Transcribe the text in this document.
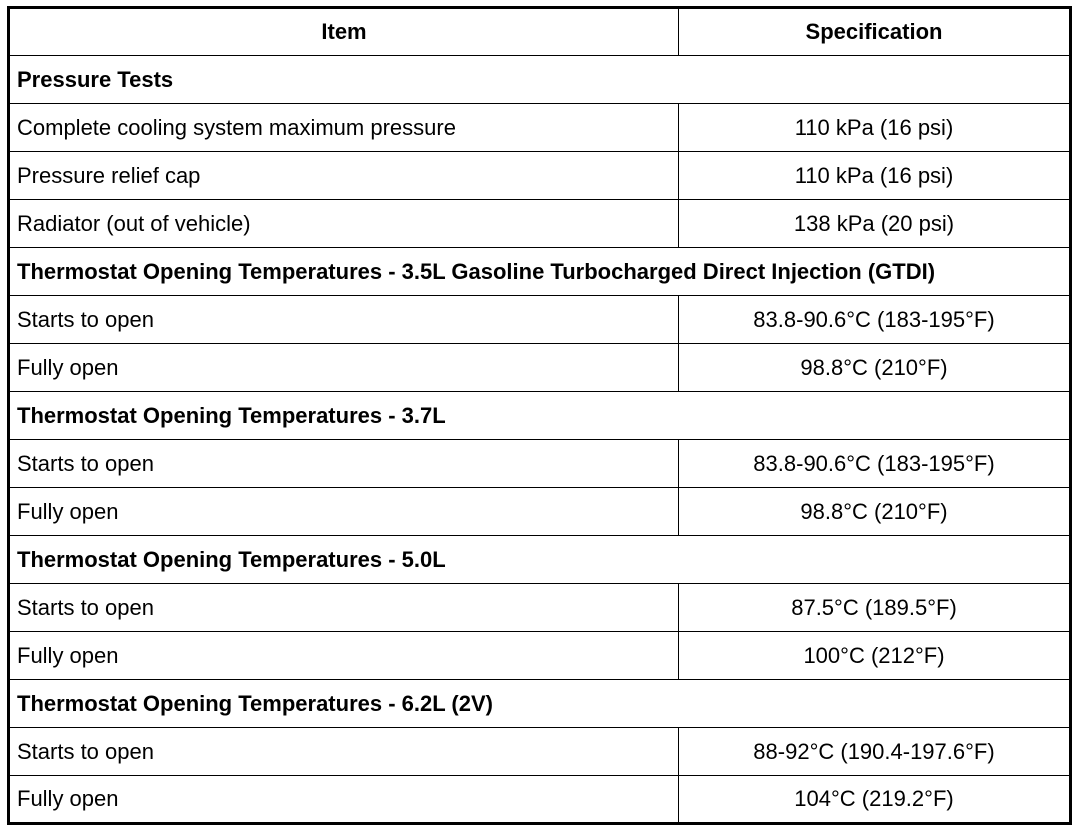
Item	Specification
Pressure Tests	
Complete cooling system maximum pressure	110 kPa (16 psi)
Pressure relief cap	110 kPa (16 psi)
Radiator (out of vehicle)	138 kPa (20 psi)
Thermostat Opening Temperatures - 3.5L Gasoline Turbocharged Direct Injection (GTDI)	
Starts to open	83.8-90.6°C (183-195°F)
Fully open	98.8°C (210°F)
Thermostat Opening Temperatures - 3.7L	
Starts to open	83.8-90.6°C (183-195°F)
Fully open	98.8°C (210°F)
Thermostat Opening Temperatures - 5.0L	
Starts to open	87.5°C (189.5°F)
Fully open	100°C (212°F)
Thermostat Opening Temperatures - 6.2L (2V)	
Starts to open	88-92°C (190.4-197.6°F)
Fully open	104°C (219.2°F)
